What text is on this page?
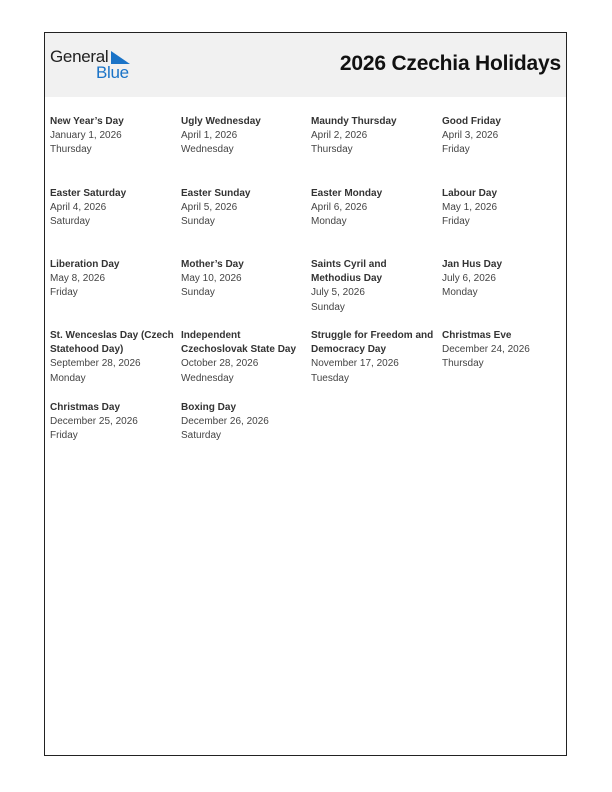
General
Blue	2026 Czechia Holidays
New Year’s Day
January 1, 2026
Thursday
Ugly Wednesday
April 1, 2026
Wednesday
Maundy Thursday
April 2, 2026
Thursday
Good Friday
April 3, 2026
Friday
Easter Saturday
April 4, 2026
Saturday
Easter Sunday
April 5, 2026
Sunday
Easter Monday
April 6, 2026
Monday
Labour Day
May 1, 2026
Friday
Liberation Day
May 8, 2026
Friday
Mother’s Day
May 10, 2026
Sunday
Saints Cyril and Methodius Day
July 5, 2026
Sunday
Jan Hus Day
July 6, 2026
Monday
St. Wenceslas Day (Czech Statehood Day)
September 28, 2026
Monday
Independent Czechoslovak State Day
October 28, 2026
Wednesday
Struggle for Freedom and Democracy Day
November 17, 2026
Tuesday
Christmas Eve
December 24, 2026
Thursday
Christmas Day
December 25, 2026
Friday
Boxing Day
December 26, 2026
Saturday
